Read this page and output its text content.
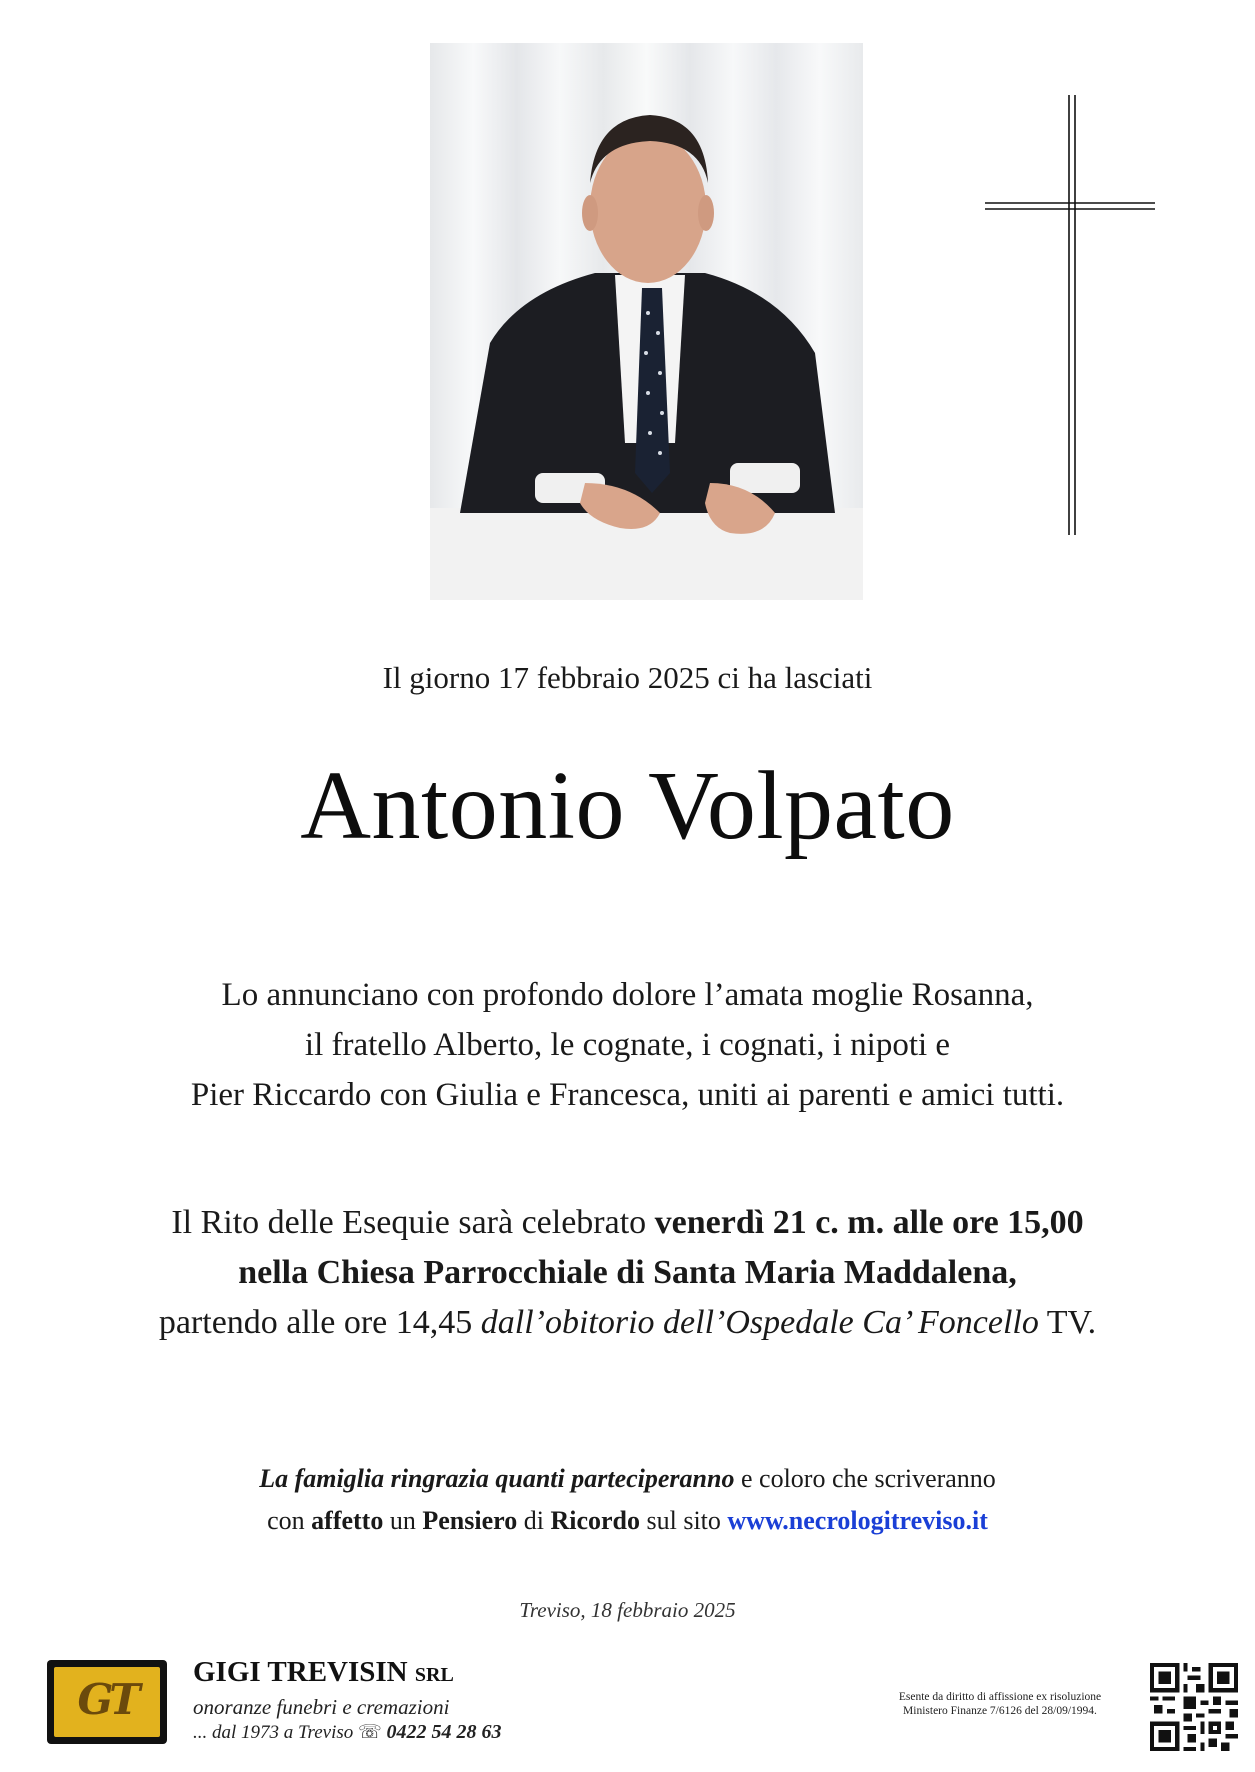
Il giorno 17 febbraio 2025 ci ha lasciati
Antonio Volpato
Lo annunciano con profondo dolore l’amata moglie Rosanna,
il fratello Alberto, le cognate, i cognati, i nipoti e
Pier Riccardo con Giulia e Francesca, uniti ai parenti e amici tutti.
Il Rito delle Esequie sarà celebrato venerdì 21 c. m. alle ore 15,00
nella Chiesa Parrocchiale di Santa Maria Maddalena,
partendo alle ore 14,45 dall’obitorio dell’Ospedale Ca’ Foncello TV.
La famiglia ringrazia quanti parteciperanno e coloro che scriveranno
con affetto un Pensiero di Ricordo sul sito www.necrologitreviso.it
Treviso, 18 febbraio 2025
GT
GIGI TREVISIN SRL
onoranze funebri e cremazioni
... dal 1973 a Treviso ☏ 0422 54 28 63
Esente da diritto di affissione ex risoluzione
Ministero Finanze 7/6126 del 28/09/1994.
